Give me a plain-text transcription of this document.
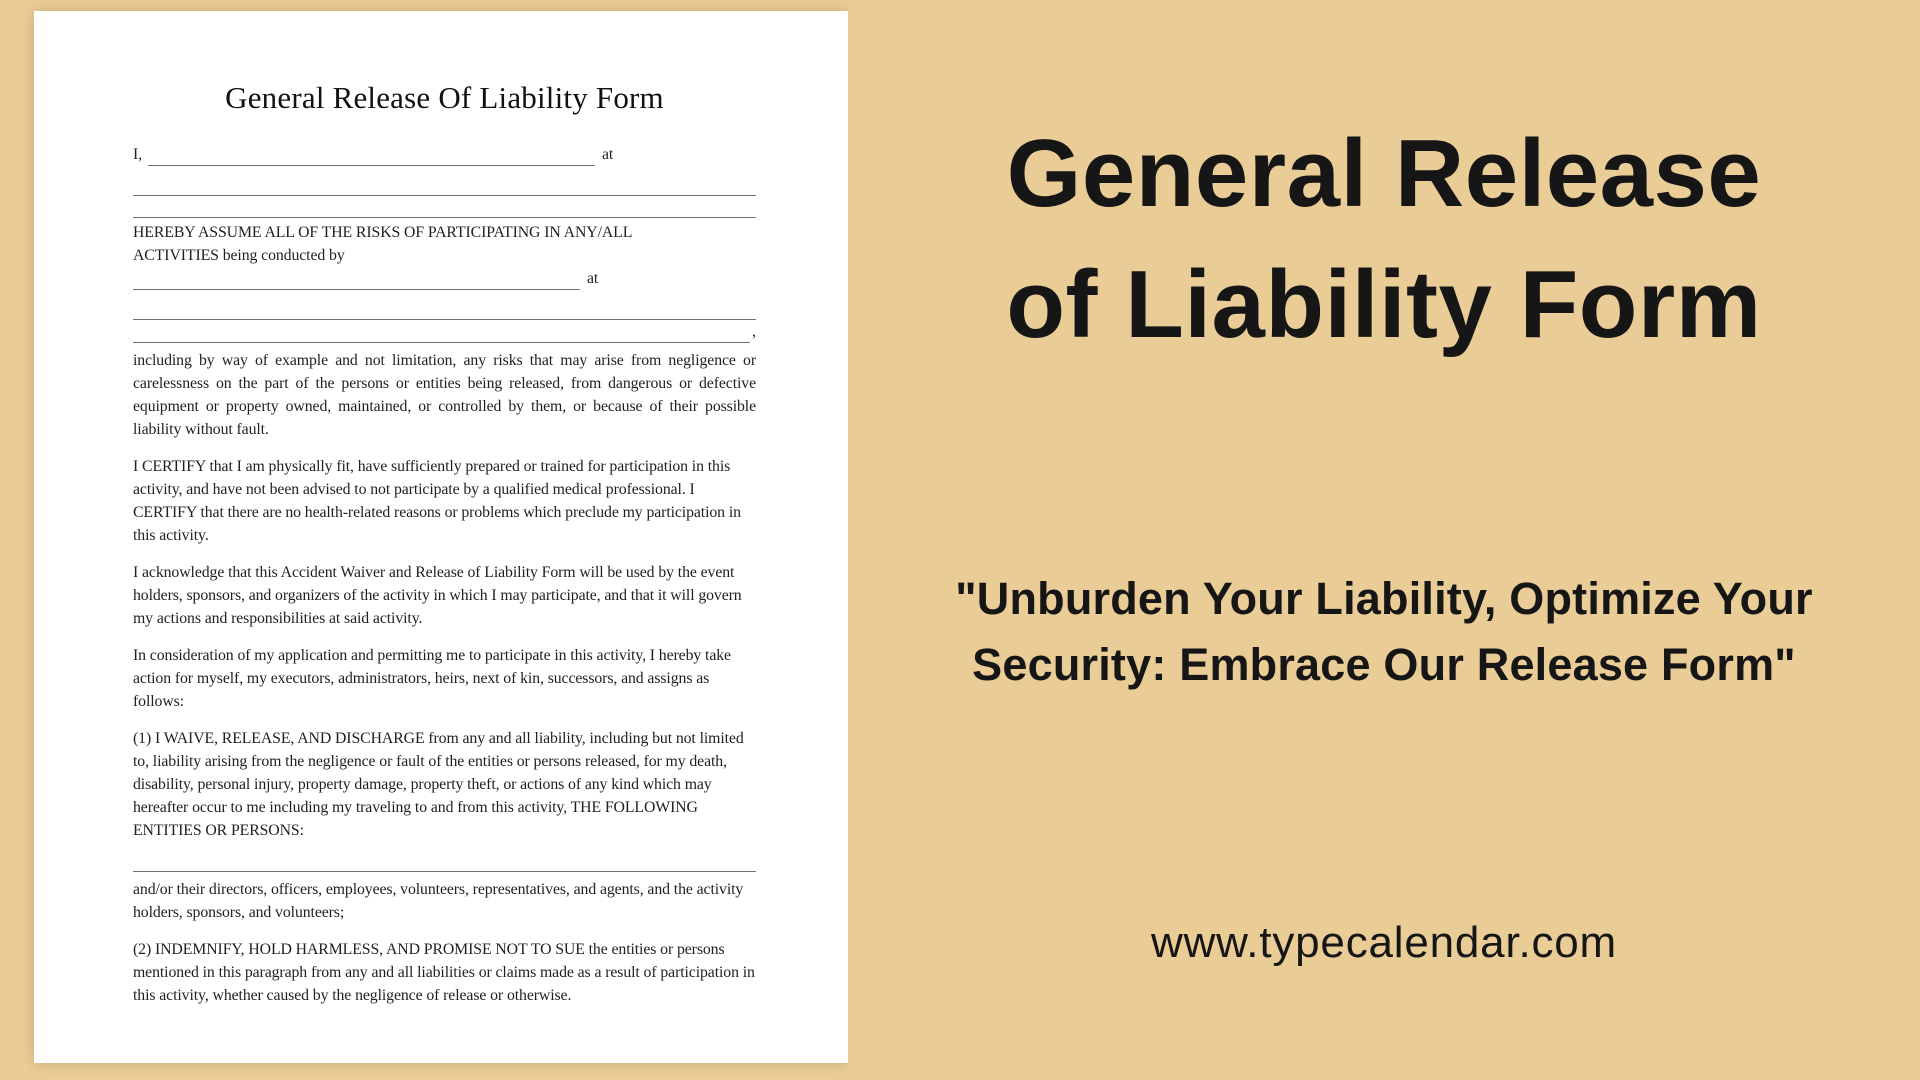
General Release Of Liability Form
I,	at
HEREBY ASSUME ALL OF THE RISKS OF PARTICIPATING IN ANY/ALL
ACTIVITIES being conducted by
at
,
including by way of example and not limitation, any risks that may arise from negligence or carelessness on the part of the persons or entities being released, from dangerous or defective equipment or property owned, maintained, or controlled by them, or because of their possible liability without fault.
I CERTIFY that I am physically fit, have sufficiently prepared or trained for participation in this activity, and have not been advised to not participate by a qualified medical professional. I CERTIFY that there are no health-related reasons or problems which preclude my participation in this activity.
I acknowledge that this Accident Waiver and Release of Liability Form will be used by the event holders, sponsors, and organizers of the activity in which I may participate, and that it will govern my actions and responsibilities at said activity.
In consideration of my application and permitting me to participate in this activity, I hereby take action for myself, my executors, administrators, heirs, next of kin, successors, and assigns as follows:
(1) I WAIVE, RELEASE, AND DISCHARGE from any and all liability, including but not limited to, liability arising from the negligence or fault of the entities or persons released, for my death, disability, personal injury, property damage, property theft, or actions of any kind which may hereafter occur to me including my traveling to and from this activity, THE FOLLOWING ENTITIES OR PERSONS:
and/or their directors, officers, employees, volunteers, representatives, and agents, and the activity holders, sponsors, and volunteers;
(2) INDEMNIFY, HOLD HARMLESS, AND PROMISE NOT TO SUE the entities or persons mentioned in this paragraph from any and all liabilities or claims made as a result of participation in this activity, whether caused by the negligence of release or otherwise.
General Release
of Liability Form
"Unburden Your Liability, Optimize Your Security: Embrace Our Release Form"
www.typecalendar.com
